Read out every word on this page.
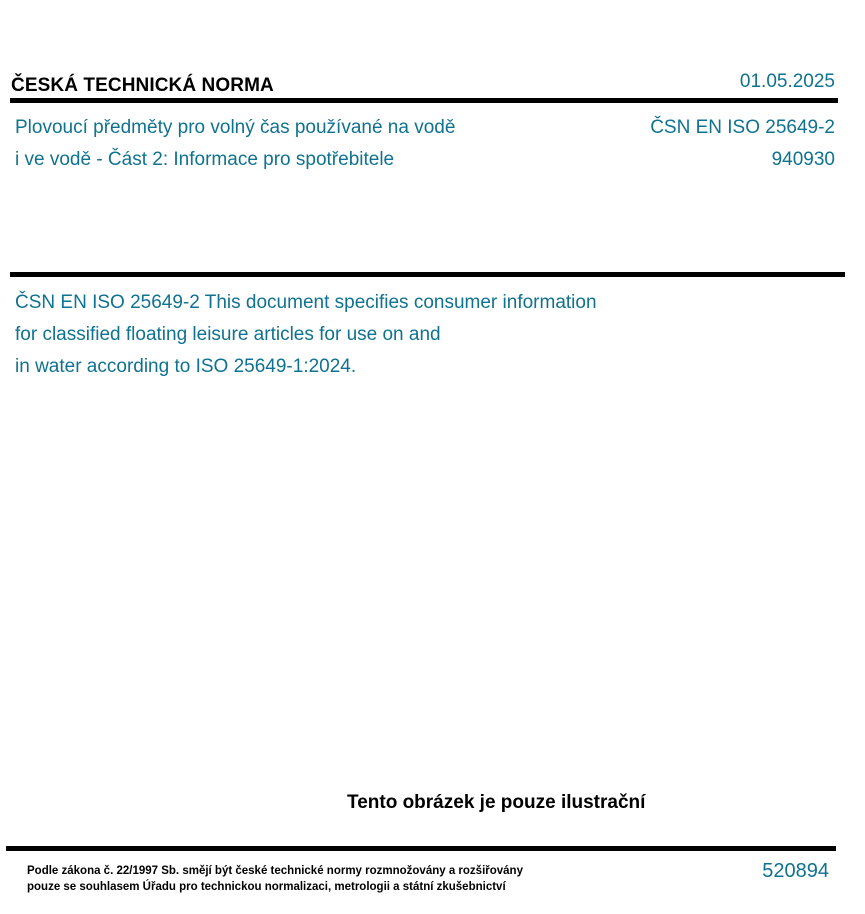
ČESKÁ TECHNICKÁ NORMA	01.05.2025
Plovoucí předměty pro volný čas používané na vodě
i ve vodě - Část 2: Informace pro spotřebitele
ČSN EN ISO 25649-2
940930
ČSN EN ISO 25649-2 This document specifies consumer information
for classified floating leisure articles for use on and
in water according to ISO 25649-1:2024.
Tento obrázek je pouze ilustrační
Podle zákona č. 22/1997 Sb. smějí být české technické normy rozmnožovány a rozšiřovány
pouze se souhlasem Úřadu pro technickou normalizaci, metrologii a státní zkušebnictví
520894
